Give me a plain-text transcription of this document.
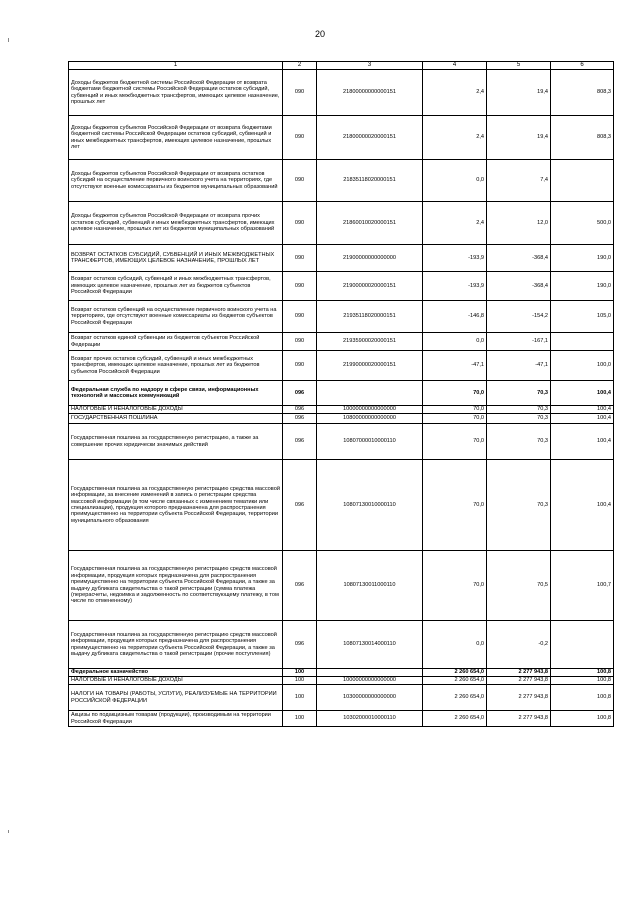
20
1	2	3	4	5	6
Доходы бюджетов бюджетной системы Российской Федерации от возврата бюджетами бюджетной системы Российской Федерации остатков субсидий, субвенций и иных межбюджетных трансфертов, имеющих целевое назначение, прошлых лет	090	21800000000000151	2,4	19,4	808,3
Доходы бюджетов субъектов Российской Федерации от возврата бюджетами бюджетной системы Российской Федерации остатков субсидий, субвенций и иных межбюджетных трансфертов, имеющих целевое назначение, прошлых лет	090	21800000020000151	2,4	19,4	808,3
Доходы бюджетов субъектов Российской Федерации от возврата остатков субсидий на осуществление первичного воинского учета на территориях, где отсутствуют военные комиссариаты из бюджетов муниципальных образований	090	21835118020000151	0,0	7,4	
Доходы бюджетов субъектов Российской Федерации от возврата прочих остатков субсидий, субвенций и иных межбюджетных трансфертов, имеющих целевое назначение, прошлых лет из бюджетов муниципальных образований	090	21860010020000151	2,4	12,0	500,0
ВОЗВРАТ ОСТАТКОВ СУБСИДИЙ, СУБВЕНЦИЙ И ИНЫХ МЕЖБЮДЖЕТНЫХ ТРАНСФЕРТОВ, ИМЕЮЩИХ ЦЕЛЕВОЕ НАЗНАЧЕНИЕ, ПРОШЛЫХ ЛЕТ	090	21900000000000000	-193,9	-368,4	190,0
Возврат остатков субсидий, субвенций и иных межбюджетных трансфертов, имеющих целевое назначение, прошлых лет из бюджетов субъектов Российской Федерации	090	21900000020000151	-193,9	-368,4	190,0
Возврат остатков субвенций на осуществление первичного воинского учета на территориях, где отсутствуют военные комиссариаты из бюджетов субъектов Российской Федерации	090	21935118020000151	-146,8	-154,2	105,0
Возврат остатков единой субвенции из бюджетов субъектов Российской Федерации	090	21935900020000151	0,0	-167,1	
Возврат прочих остатков субсидий, субвенций и иных межбюджетных трансфертов, имеющих целевое назначение, прошлых лет из бюджетов субъектов Российской Федерации	090	21990000020000151	-47,1	-47,1	100,0
Федеральная служба по надзору в сфере связи, информационных технологий и массовых коммуникаций	096		70,0	70,3	100,4
НАЛОГОВЫЕ И НЕНАЛОГОВЫЕ ДОХОДЫ	096	10000000000000000	70,0	70,3	100,4
ГОСУДАРСТВЕННАЯ ПОШЛИНА	096	10800000000000000	70,0	70,3	100,4
Государственная пошлина за государственную регистрацию, а также за совершение прочих юридически значимых действий	096	10807000010000110	70,0	70,3	100,4
Государственная пошлина за государственную регистрацию средства массовой информации, за внесение изменений в запись о регистрации средства массовой информации (в том числе связанных с изменением тематики или специализации), продукция которого предназначена для распространения преимущественно на территории субъекта Российской Федерации, территории муниципального образования	096	10807130010000110	70,0	70,3	100,4
Государственная пошлина за государственную регистрацию средств массовой информации, продукция которых предназначена для распространения преимущественно на территории субъекта Российской Федерации, а также за выдачу дубликата свидетельства о такой регистрации (сумма платежа (перерасчеты, недоимка и задолженность по соответствующему платежу, в том числе по отмененному)	096	10807130011000110	70,0	70,5	100,7
Государственная пошлина за государственную регистрацию средств массовой информации, продукция которых предназначена для распространения преимущественно на территории субъекта Российской Федерации, а также за выдачу дубликата свидетельства о такой регистрации (прочие поступления)	096	10807130014000110	0,0	-0,2	
Федеральное казначейство	100		2 260 654,0	2 277 943,8	100,8
НАЛОГОВЫЕ И НЕНАЛОГОВЫЕ ДОХОДЫ	100	10000000000000000	2 260 654,0	2 277 943,8	100,8
НАЛОГИ НА ТОВАРЫ (РАБОТЫ, УСЛУГИ), РЕАЛИЗУЕМЫЕ НА ТЕРРИТОРИИ РОССИЙСКОЙ ФЕДЕРАЦИИ	100	10300000000000000	2 260 654,0	2 277 943,8	100,8
Акцизы по подакцизным товарам (продукции), производимым на территории Российской Федерации	100	10302000010000110	2 260 654,0	2 277 943,8	100,8
